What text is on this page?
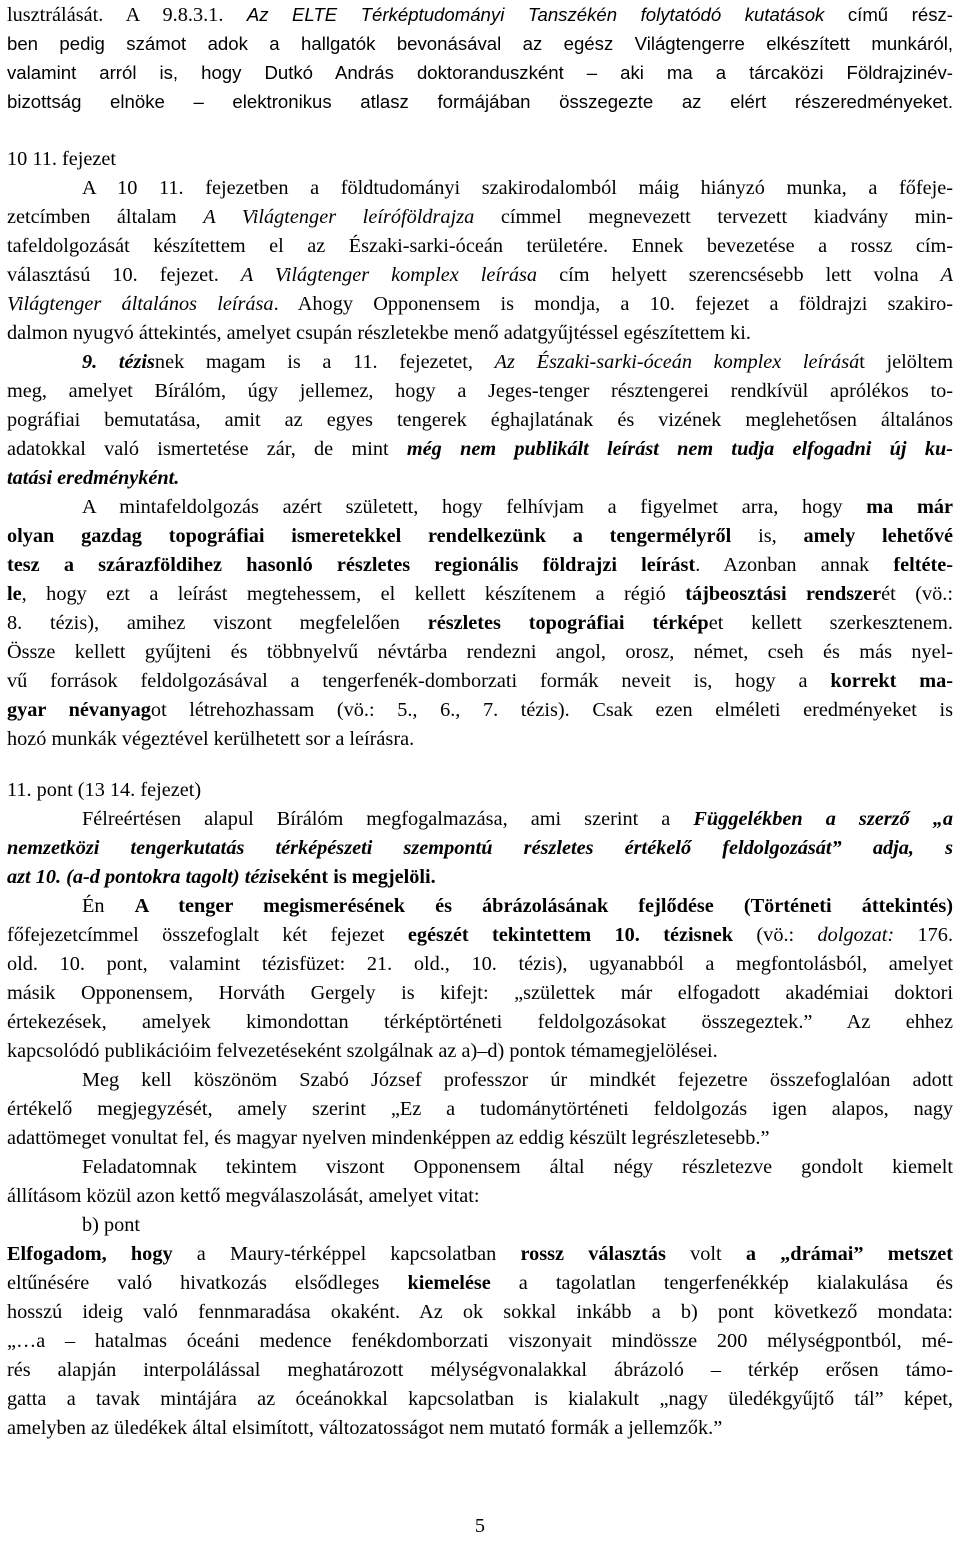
lusztrálását. A 9.8.3.1. Az ELTE Térképtudományi Tanszékén folytatódó kutatások című rész-
ben pedig számot adok a hallgatók bevonásával az egész Világtengerre elkészített munkáról,
valamint arról is, hogy Dutkó András doktoranduszként – aki ma a tárcaközi Földrajzinév-
bizottság elnöke – elektronikus atlasz formájában összegezte az elért részeredményeket.
10 11. fejezet
A 10 11. fejezetben a földtudományi szakirodalomból máig hiányzó munka, a főfeje-
zetcímben általam A Világtenger leíróföldrajza címmel megnevezett tervezett kiadvány min-
tafeldolgozását készítettem el az Északi-sarki-óceán területére. Ennek bevezetése a rossz cím-
választású 10. fejezet. A Világtenger komplex leírása cím helyett szerencsésebb lett volna A
Világtenger általános leírása. Ahogy Opponensem is mondja, a 10. fejezet a földrajzi szakiro-
dalmon nyugvó áttekintés, amelyet csupán részletekbe menő adatgyűjtéssel egészítettem ki.
9. tézisnek magam is a 11. fejezetet, Az Északi-sarki-óceán komplex leírását jelöltem
meg, amelyet Bírálóm, úgy jellemez, hogy a Jeges-tenger résztengerei rendkívül aprólékos to-
pográfiai bemutatása, amit az egyes tengerek éghajlatának és vizének meglehetősen általános
adatokkal való ismertetése zár, de mint még nem publikált leírást nem tudja elfogadni új ku-
tatási eredményként.
A mintafeldolgozás azért született, hogy felhívjam a figyelmet arra, hogy ma már
olyan gazdag topográfiai ismeretekkel rendelkezünk a tengermélyről is, amely lehetővé
tesz a szárazföldihez hasonló részletes regionális földrajzi leírást. Azonban annak feltéte-
le, hogy ezt a leírást megtehessem, el kellett készítenem a régió tájbeosztási rendszerét (vö.:
8. tézis), amihez viszont megfelelően részletes topográfiai térképet kellett szerkesztenem.
Össze kellett gyűjteni és többnyelvű névtárba rendezni angol, orosz, német, cseh és más nyel-
vű források feldolgozásával a tengerfenék-domborzati formák neveit is, hogy a korrekt ma-
gyar névanyagot létrehozhassam (vö.: 5., 6., 7. tézis). Csak ezen elméleti eredményeket is
hozó munkák végeztével kerülhetett sor a leírásra.
11. pont (13 14. fejezet)
Félreértésen alapul Bírálóm megfogalmazása, ami szerint a Függelékben a szerző „a
nemzetközi tengerkutatás térképészeti szempontú részletes értékelő feldolgozását” adja, s
azt 10. (a-d pontokra tagolt) téziseként is megjelöli.
Én A tenger megismerésének és ábrázolásának fejlődése (Történeti áttekintés)
főfejezetcímmel összefoglalt két fejezet egészét tekintettem 10. tézisnek (vö.: dolgozat: 176.
old. 10. pont, valamint tézisfüzet: 21. old., 10. tézis), ugyanabból a megfontolásból, amelyet
másik Opponensem, Horváth Gergely is kifejt: „születtek már elfogadott akadémiai doktori
értekezések, amelyek kimondottan térképtörténeti feldolgozásokat összegeztek.” Az ehhez
kapcsolódó publikációim felvezetéseként szolgálnak az a)–d) pontok témamegjelölései.
Meg kell köszönöm Szabó József professzor úr mindkét fejezetre összefoglalóan adott
értékelő megjegyzését, amely szerint „Ez a tudománytörténeti feldolgozás igen alapos, nagy
adattömeget vonultat fel, és magyar nyelven mindenképpen az eddig készült legrészletesebb.”
Feladatomnak tekintem viszont Opponensem által négy részletezve gondolt kiemelt
állításom közül azon kettő megválaszolását, amelyet vitat:
b) pont
Elfogadom, hogy a Maury-térképpel kapcsolatban rossz választás volt a „drámai” metszet
eltűnésére való hivatkozás elsődleges kiemelése a tagolatlan tengerfenékkép kialakulása és
hosszú ideig való fennmaradása okaként. Az ok sokkal inkább a b) pont következő mondata:
„…a – hatalmas óceáni medence fenékdomborzati viszonyait mindössze 200 mélységpontból, mé-
rés alapján interpolálással meghatározott mélységvonalakkal ábrázoló – térkép erősen támo-
gatta a tavak mintájára az óceánokkal kapcsolatban is kialakult „nagy üledékgyűjtő tál” képet,
amelyben az üledékek által elsimított, változatosságot nem mutató formák a jellemzők.”
5
